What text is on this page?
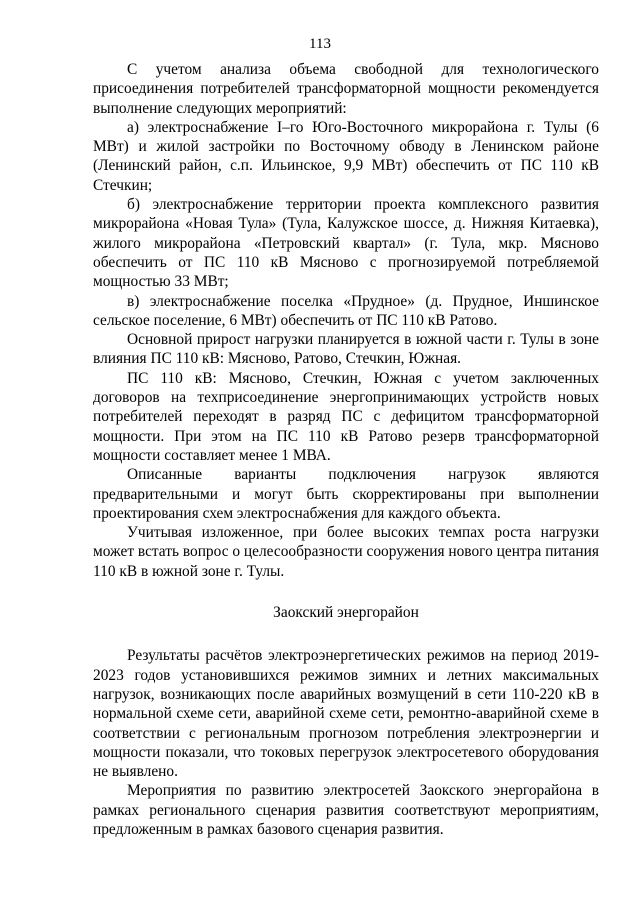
113

С учетом анализа объема свободной для технологического присоединения потребителей трансформаторной мощности рекомендуется выполнение следующих мероприятий:

а) электроснабжение I–го Юго-Восточного микрорайона г. Тулы (6 МВт) и жилой застройки по Восточному обводу в Ленинском районе (Ленинский район, с.п. Ильинское, 9,9 МВт) обеспечить от ПС 110 кВ Стечкин;

б) электроснабжение территории проекта комплексного развития микрорайона «Новая Тула» (Тула, Калужское шоссе, д. Нижняя Китаевка), жилого микрорайона «Петровский квартал» (г. Тула, мкр. Мясново обеспечить от ПС 110 кВ Мясново с прогнозируемой потребляемой мощностью 33 МВт;

в) электроснабжение поселка «Прудное» (д. Прудное, Иншинское сельское поселение, 6 МВт) обеспечить от ПС 110 кВ Ратово.

Основной прирост нагрузки планируется в южной части г. Тулы в зоне влияния ПС 110 кВ: Мясново, Ратово, Стечкин, Южная.

ПС 110 кВ: Мясново, Стечкин, Южная с учетом заключенных договоров на техприсоединение энергопринимающих устройств новых потребителей переходят в разряд ПС с дефицитом трансформаторной мощности. При этом на ПС 110 кВ Ратово резерв трансформаторной мощности составляет менее 1 МВА.

Описанные варианты подключения нагрузок являются предварительными и могут быть скорректированы при выполнении проектирования схем электроснабжения для каждого объекта.

Учитывая изложенное, при более высоких темпах роста нагрузки может встать вопрос о целесообразности сооружения нового центра питания 110 кВ в южной зоне г. Тулы.

Заокский энергорайон

Результаты расчётов электроэнергетических режимов на период 2019-2023 годов установившихся режимов зимних и летних максимальных нагрузок, возникающих после аварийных возмущений в сети 110-220 кВ в нормальной схеме сети, аварийной схеме сети, ремонтно-аварийной схеме в соответствии с региональным прогнозом потребления электроэнергии и мощности показали, что токовых перегрузок электросетевого оборудования не выявлено.

Мероприятия по развитию электросетей Заокского энергорайона в рамках регионального сценария развития соответствуют мероприятиям, предложенным в рамках базового сценария развития.
